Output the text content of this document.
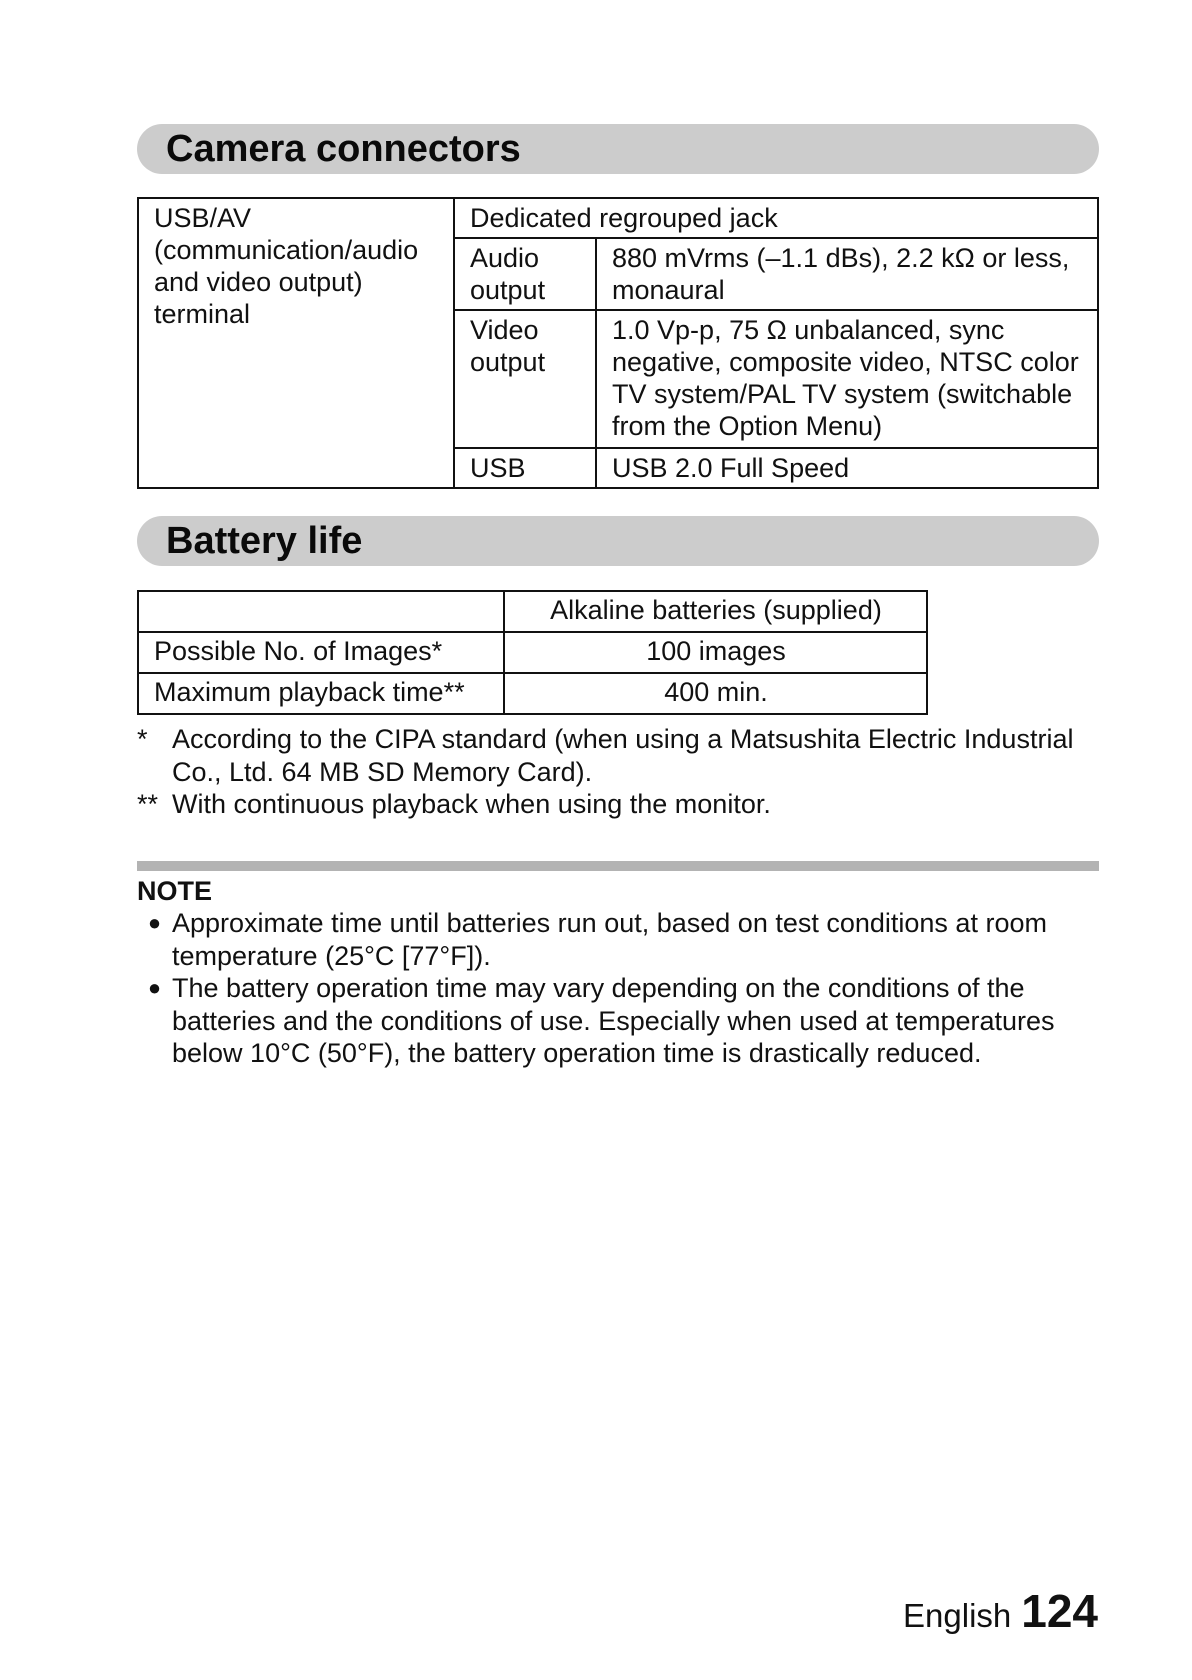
Camera connectors
USB/AV (communication/audio and video output) terminal	Dedicated regrouped jack	
	Audio output	880 mVrms (–1.1 dBs), 2.2 kΩ or less, monaural
	Video output	1.0 Vp-p, 75 Ω unbalanced, sync negative, composite video, NTSC color TV system/PAL TV system (switchable from the Option Menu)
	USB	USB 2.0 Full Speed
Battery life
	Alkaline batteries (supplied)
Possible No. of Images*	100 images
Maximum playback time**	400 min.
* According to the CIPA standard (when using a Matsushita Electric Industrial Co., Ltd. 64 MB SD Memory Card).
** With continuous playback when using the monitor.
NOTE
● Approximate time until batteries run out, based on test conditions at room temperature (25°C [77°F]).
● The battery operation time may vary depending on the conditions of the batteries and the conditions of use. Especially when used at temperatures below 10°C (50°F), the battery operation time is drastically reduced.
English 124
